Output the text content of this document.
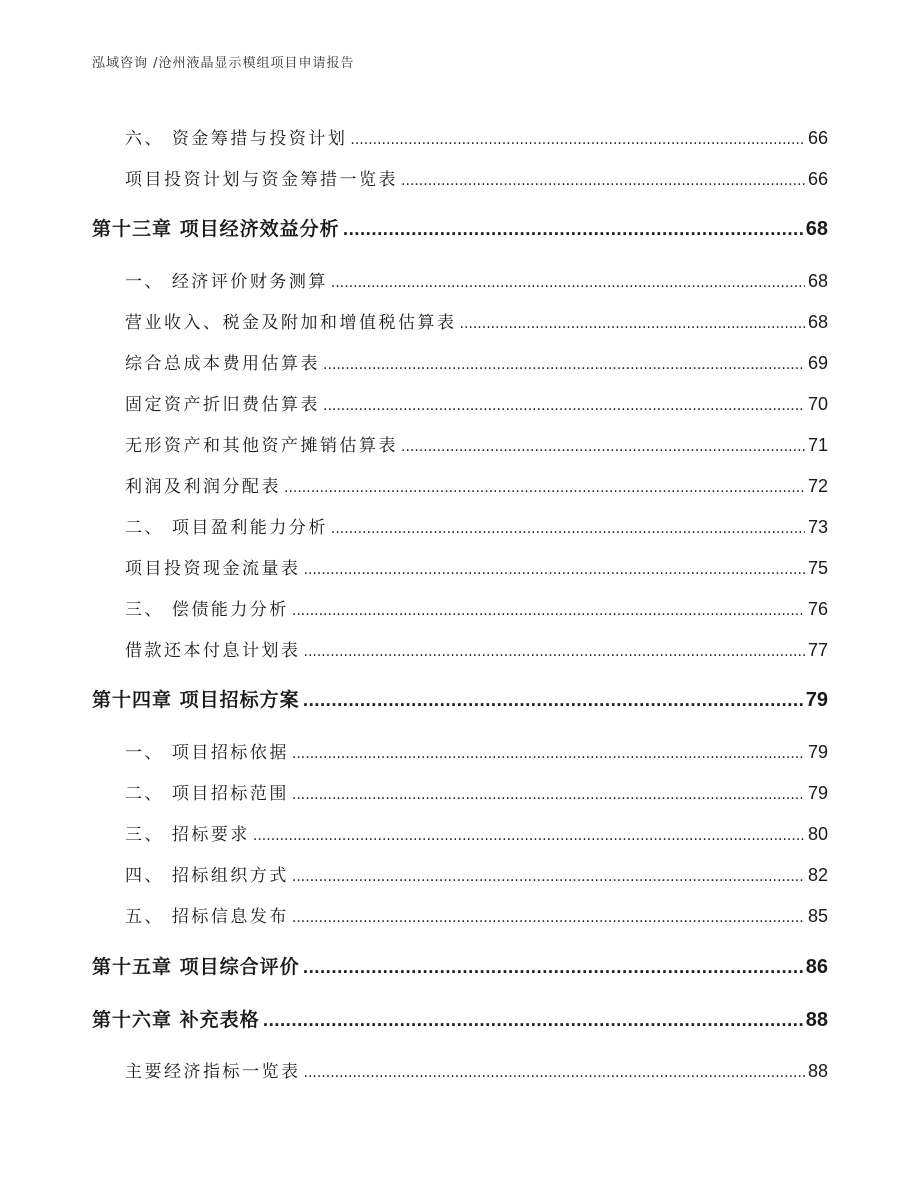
泓域咨询 /沧州液晶显示模组项目申请报告
六、 资金筹措与投资计划 .....	66
项目投资计划与资金筹措一览表 .....	66
第十三章 项目经济效益分析 .....	68
一、 经济评价财务测算 .....	68
营业收入、税金及附加和增值税估算表 .....	68
综合总成本费用估算表 .....	69
固定资产折旧费估算表 .....	70
无形资产和其他资产摊销估算表 .....	71
利润及利润分配表 .....	72
二、 项目盈利能力分析 .....	73
项目投资现金流量表 .....	75
三、 偿债能力分析 .....	76
借款还本付息计划表 .....	77
第十四章 项目招标方案 .....	79
一、 项目招标依据 .....	79
二、 项目招标范围 .....	79
三、 招标要求 .....	80
四、 招标组织方式 .....	82
五、 招标信息发布 .....	85
第十五章 项目综合评价 .....	86
第十六章 补充表格 .....	88
主要经济指标一览表 .....	88
